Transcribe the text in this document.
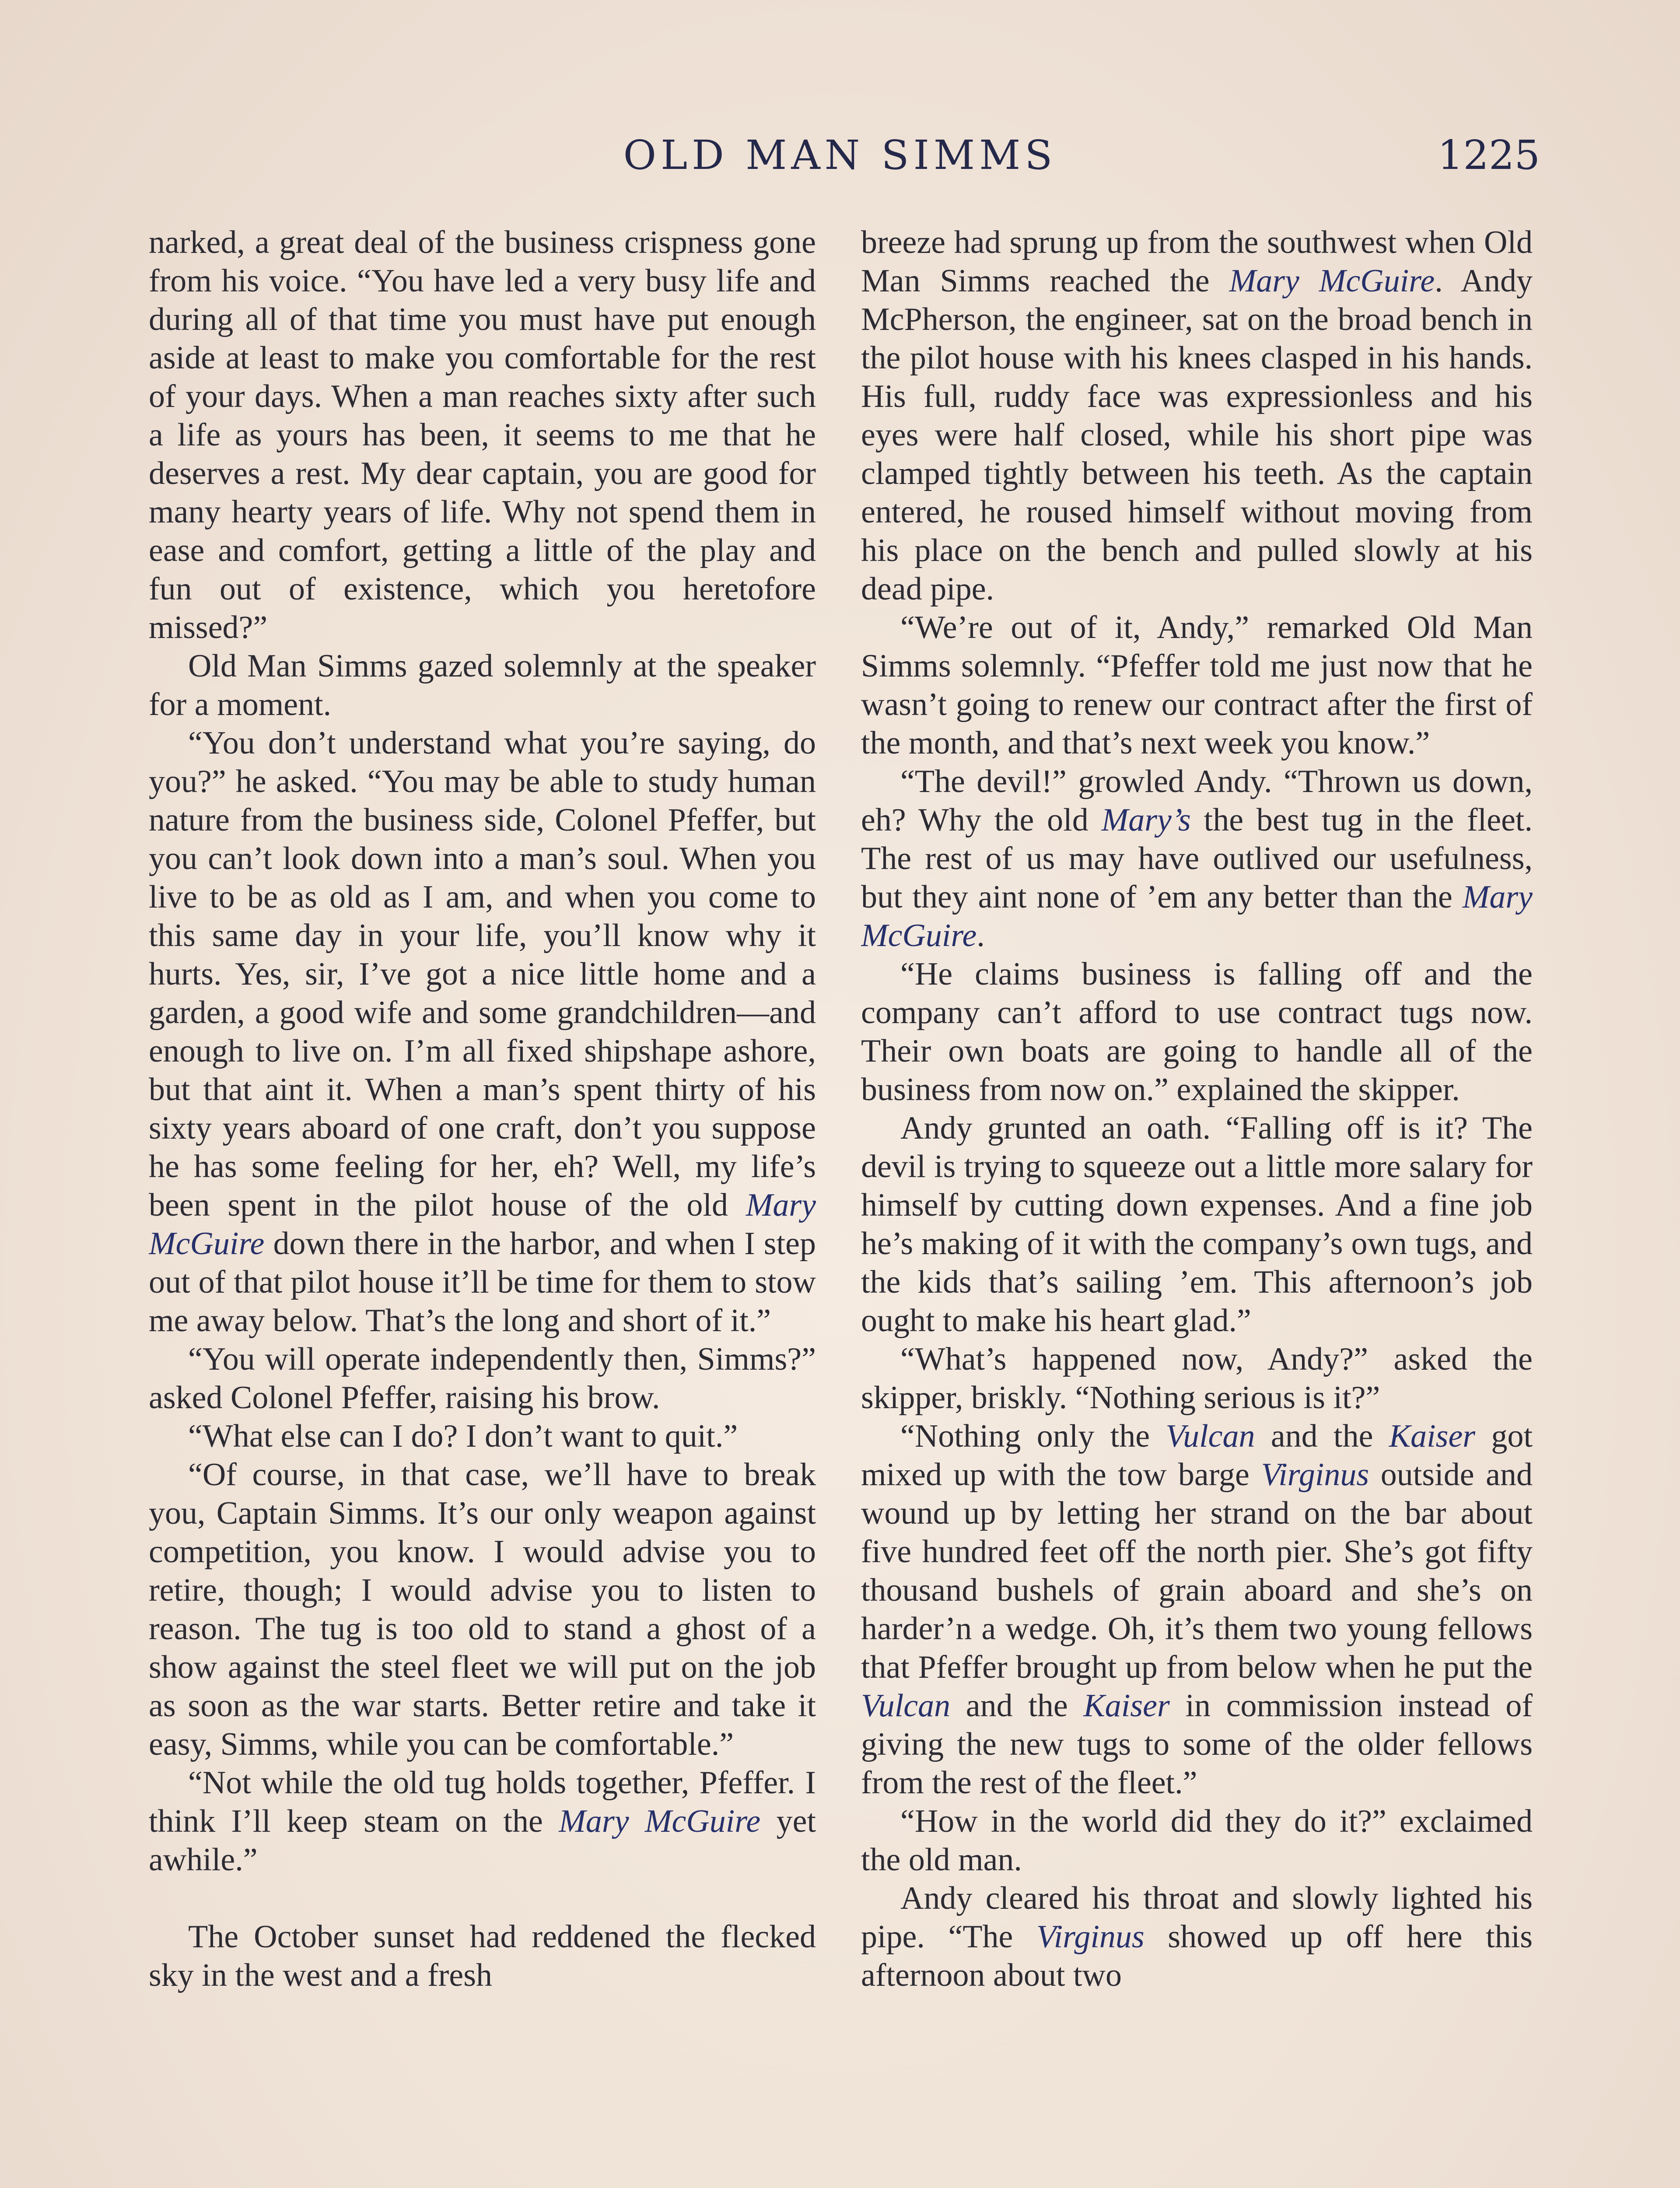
OLD MAN SIMMS	1225

narked, a great deal of the business crispness gone from his voice. “You have led a very busy life and during all of that time you must have put enough aside at least to make you comfortable for the rest of your days. When a man reaches sixty after such a life as yours has been, it seems to me that he deserves a rest. My dear captain, you are good for many hearty years of life. Why not spend them in ease and comfort, getting a little of the play and fun out of existence, which you heretofore missed?”

Old Man Simms gazed solemnly at the speaker for a moment.

“You don’t understand what you’re saying, do you?” he asked. “You may be able to study human nature from the business side, Colonel Pfeffer, but you can’t look down into a man’s soul. When you live to be as old as I am, and when you come to this same day in your life, you’ll know why it hurts. Yes, sir, I’ve got a nice little home and a garden, a good wife and some grandchildren—and enough to live on. I’m all fixed shipshape ashore, but that aint it. When a man’s spent thirty of his sixty years aboard of one craft, don’t you suppose he has some feeling for her, eh? Well, my life’s been spent in the pilot house of the old Mary McGuire down there in the harbor, and when I step out of that pilot house it’ll be time for them to stow me away below. That’s the long and short of it.”

“You will operate independently then, Simms?” asked Colonel Pfeffer, raising his brow.

“What else can I do? I don’t want to quit.”

“Of course, in that case, we’ll have to break you, Captain Simms. It’s our only weapon against competition, you know. I would advise you to retire, though; I would advise you to listen to reason. The tug is too old to stand a ghost of a show against the steel fleet we will put on the job as soon as the war starts. Better retire and take it easy, Simms, while you can be comfortable.”

“Not while the old tug holds together, Pfeffer. I think I’ll keep steam on the Mary McGuire yet awhile.”

The October sunset had reddened the flecked sky in the west and a fresh

breeze had sprung up from the southwest when Old Man Simms reached the Mary McGuire. Andy McPherson, the engineer, sat on the broad bench in the pilot house with his knees clasped in his hands. His full, ruddy face was expressionless and his eyes were half closed, while his short pipe was clamped tightly between his teeth. As the captain entered, he roused himself without moving from his place on the bench and pulled slowly at his dead pipe.

“We’re out of it, Andy,” remarked Old Man Simms solemnly. “Pfeffer told me just now that he wasn’t going to renew our contract after the first of the month, and that’s next week you know.”

“The devil!” growled Andy. “Thrown us down, eh? Why the old Mary’s the best tug in the fleet. The rest of us may have outlived our usefulness, but they aint none of ’em any better than the Mary McGuire.

“He claims business is falling off and the company can’t afford to use contract tugs now. Their own boats are going to handle all of the business from now on.” explained the skipper.

Andy grunted an oath. “Falling off is it? The devil is trying to squeeze out a little more salary for himself by cutting down expenses. And a fine job he’s making of it with the company’s own tugs, and the kids that’s sailing ’em. This afternoon’s job ought to make his heart glad.”

“What’s happened now, Andy?” asked the skipper, briskly. “Nothing serious is it?”

“Nothing only the Vulcan and the Kaiser got mixed up with the tow barge Virginus outside and wound up by letting her strand on the bar about five hundred feet off the north pier. She’s got fifty thousand bushels of grain aboard and she’s on harder’n a wedge. Oh, it’s them two young fellows that Pfeffer brought up from below when he put the Vulcan and the Kaiser in commission instead of giving the new tugs to some of the older fellows from the rest of the fleet.”

“How in the world did they do it?” exclaimed the old man.

Andy cleared his throat and slowly lighted his pipe. “The Virginus showed up off here this afternoon about two
